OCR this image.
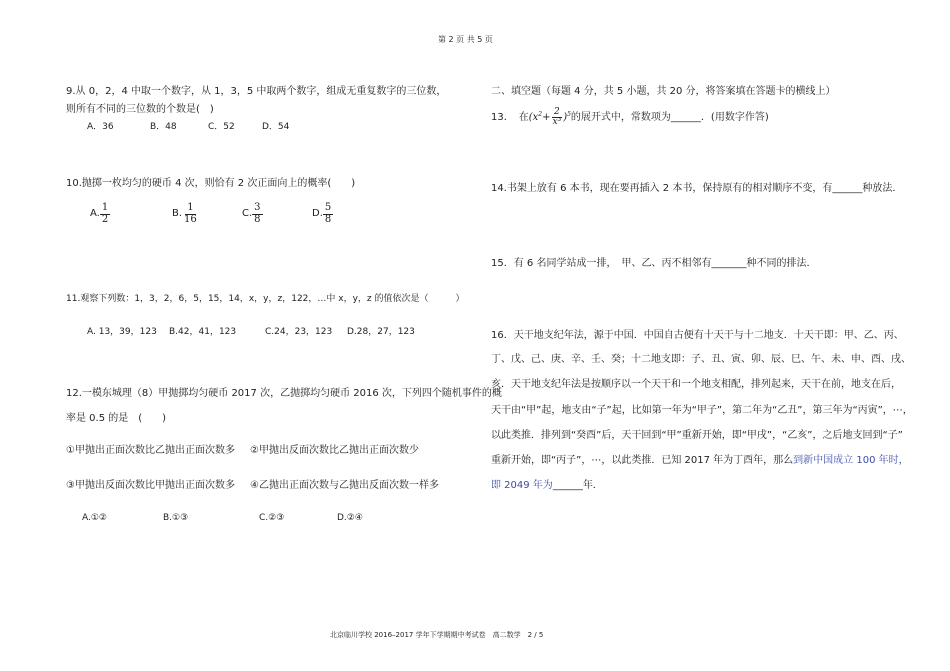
第 2 页 共 5 页
9.从 0，2，4 中取一个数字，从 1，3，5 中取两个数字，组成无重复数字的三位数，
则所有不同的三位数的个数是(　)
A．36	B．48	C．52	D．54
10.抛掷一枚均匀的硬币 4 次，则恰有 2 次正面向上的概率(　　)
A. $\frac{1}{2}$	B. $\frac{1}{16}$	C. $\frac{3}{8}$	D. $\frac{5}{8}$
11.观察下列数：1，3，2，6，5，15，14，x，y，z，122，…中 x，y，z 的值依次是（　　　）
A. 13，39，123 B.42，41，123	C.24，23，123 D.28，27，123
12.一模东城理（8）甲抛掷均匀硬币 2017 次，乙抛掷均匀硬币 2016 次，下列四个随机事件的概
率是 0.5 的是　(　　)
①甲抛出正面次数比乙抛出正面次数多 ②甲抛出反面次数比乙抛出正面次数少
③甲抛出反面次数比甲抛出正面次数多 ④乙抛出正面次数与乙抛出反面次数一样多
A.①②	B.①③	C.②③	D.②④
二、填空题（每题 4 分，共 5 小题，共 20 分，将答案填在答题卡的横线上）
13．　在 (x $2 + \frac{2}{\text{x³}}$ ) 5 的展开式中，常数项为______．(用数字作答)
14.书架上放有 6 本书，现在要再插入 2 本书，保持原有的相对顺序不变，有______种放法．
15．有 6 名同学站成一排，　甲、乙、丙不相邻有_______种不同的排法．
16．天干地支纪年法，源于中国．中国自古便有十天干与十二地支．十天干即：甲、乙、丙、
丁、戊、己、庚、辛、壬、癸；十二地支即：子、丑、寅、卯、辰、巳、午、未、申、酉、戌、
亥．天干地支纪年法是按顺序以一个天干和一个地支相配，排列起来，天干在前，地支在后，
天干由“甲”起，地支由“子”起，比如第一年为“甲子”，第二年为“乙丑”，第三年为“丙寅”，⋯，
以此类推．排列到“癸酉”后，天干回到“甲”重新开始，即“甲戌”，“乙亥”，之后地支回到“子”
重新开始，即“丙子”，⋯，以此类推．已知 2017 年为丁酉年，那么到新中国成立 100 年时，
即 2049 年为______年．
北京临川学校 2016–2017 学年下学期期中考试卷　高二数学　2 / 5
